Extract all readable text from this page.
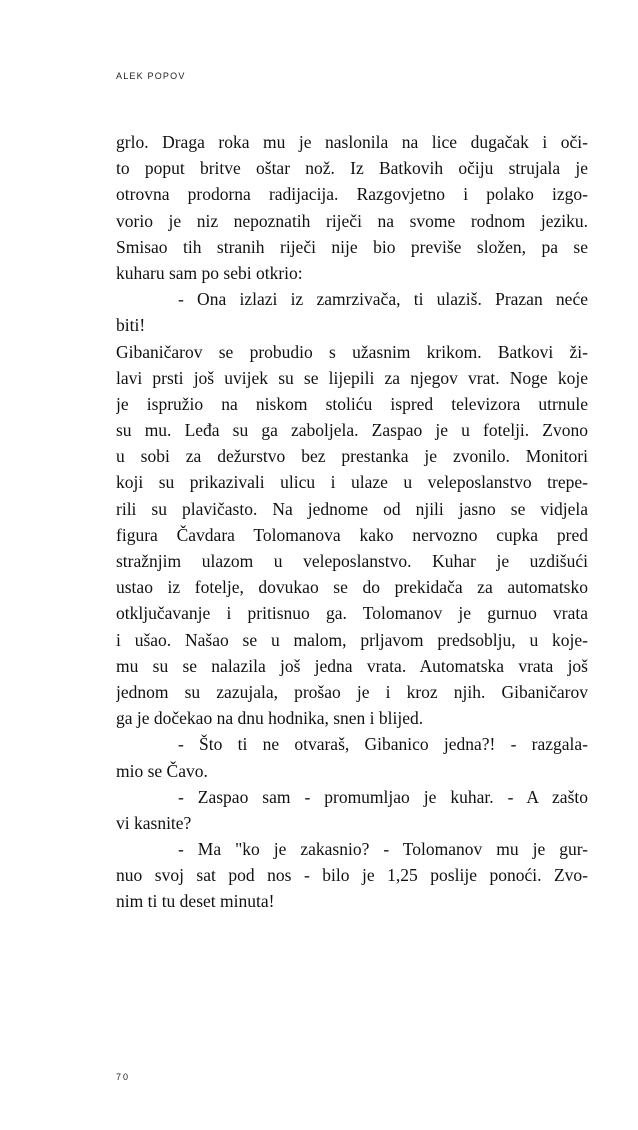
ALEK POPOV
grlo. Draga roka mu je naslonila na lice dugačak i oči-
to poput britve oštar nož. Iz Batkovih očiju strujala je
otrovna prodorna radijacija. Razgovjetno i polako izgo-
vorio je niz nepoznatih riječi na svome rodnom jeziku.
Smisao tih stranih riječi nije bio previše složen, pa se
kuharu sam po sebi otkrio:
- Ona izlazi iz zamrzivača, ti ulaziš. Prazan neće
biti!
Gibaničarov se probudio s užasnim krikom. Batkovi ži-
lavi prsti još uvijek su se lijepili za njegov vrat. Noge koje
je ispružio na niskom stoliću ispred televizora utrnule
su mu. Leđa su ga zaboljela. Zaspao je u fotelji. Zvono
u sobi za dežurstvo bez prestanka je zvonilo. Monitori
koji su prikazivali ulicu i ulaze u veleposlanstvo trepe-
rili su plavičasto. Na jednome od njili jasno se vidjela
figura Čavdara Tolomanova kako nervozno cupka pred
stražnjim ulazom u veleposlanstvo. Kuhar je uzdišući
ustao iz fotelje, dovukao se do prekidača za automatsko
otključavanje i pritisnuo ga. Tolomanov je gurnuo vrata
i ušao. Našao se u malom, prljavom predsoblju, u koje-
mu su se nalazila još jedna vrata. Automatska vrata još
jednom su zazujala, prošao je i kroz njih. Gibaničarov
ga je dočekao na dnu hodnika, snen i blijed.
- Što ti ne otvaraš, Gibanico jedna?! - razgala-
mio se Čavo.
- Zaspao sam - promumljao je kuhar. - A zašto
vi kasnite?
- Ma "ko je zakasnio? - Tolomanov mu je gur-
nuo svoj sat pod nos - bilo je 1,25 poslije ponoći. Zvo-
nim ti tu deset minuta!
70
